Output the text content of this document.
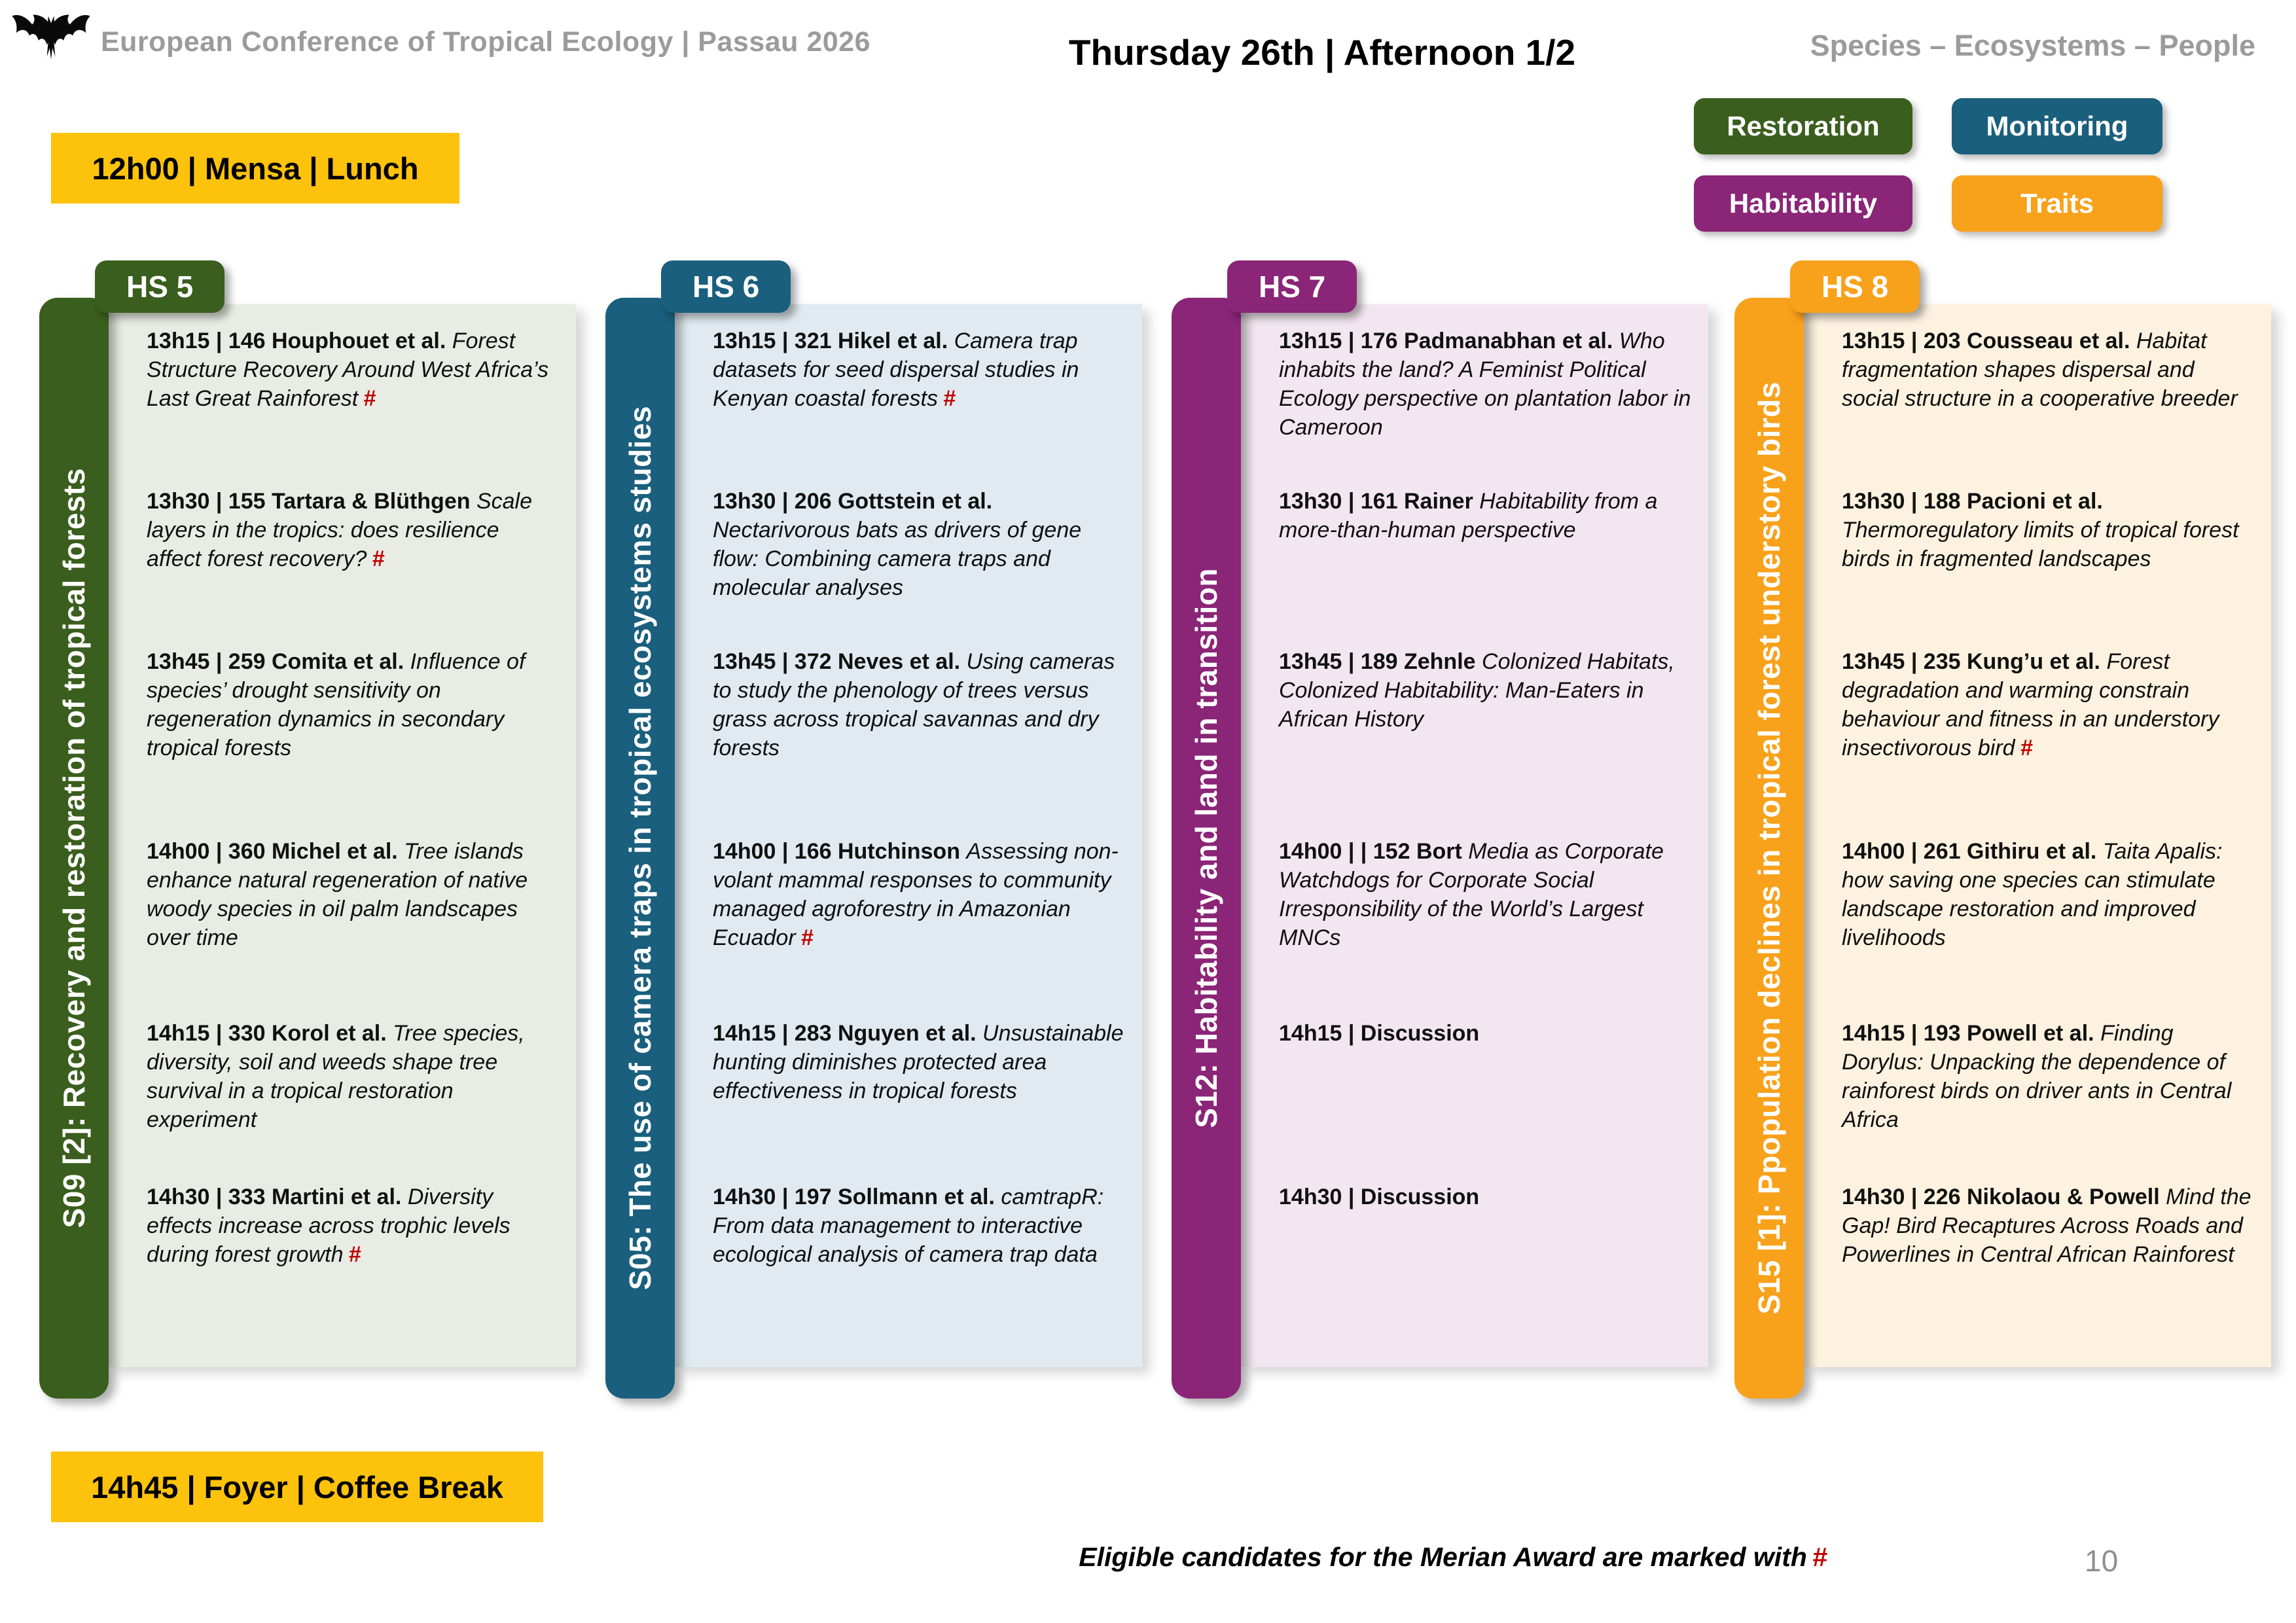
European Conference of Tropical Ecology | Passau 2026	Thursday 26th | Afternoon 1/2	Species – Ecosystems – People
Restoration	Monitoring
Habitability	Traits
12h00 | Mensa | Lunch
14h45 | Foyer | Coffee Break
HS 5
S09 [2]: Recovery and restoration of tropical forests
13h15 | 146 Houphouet et al. Forest Structure Recovery Around West Africa’s Last Great Rainforest #
13h30 | 155 Tartara & Blüthgen Scale layers in the tropics: does resilience affect forest recovery? #
13h45 | 259 Comita et al. Influence of species’ drought sensitivity on regeneration dynamics in secondary tropical forests
14h00 | 360 Michel et al. Tree islands enhance natural regeneration of native woody species in oil palm landscapes over time
14h15 | 330 Korol et al. Tree species, diversity, soil and weeds shape tree survival in a tropical restoration experiment
14h30 | 333 Martini et al. Diversity effects increase across trophic levels during forest growth #
HS 6
S05: The use of camera traps in tropical ecosystems studies
13h15 | 321 Hikel et al. Camera trap datasets for seed dispersal studies in Kenyan coastal forests #
13h30 | 206 Gottstein et al. Nectarivorous bats as drivers of gene flow: Combining camera traps and molecular analyses
13h45 | 372 Neves et al. Using cameras to study the phenology of trees versus grass across tropical savannas and dry forests
14h00 | 166 Hutchinson Assessing non-volant mammal responses to community managed agroforestry in Amazonian Ecuador #
14h15 | 283 Nguyen et al. Unsustainable hunting diminishes protected area effectiveness in tropical forests
14h30 | 197 Sollmann et al. camtrapR: From data management to interactive ecological analysis of camera trap data
HS 7
S12: Habitability and land in transition
13h15 | 176 Padmanabhan et al. Who inhabits the land? A Feminist Political Ecology perspective on plantation labor in Cameroon
13h30 | 161 Rainer Habitability from a more-than-human perspective
13h45 | 189 Zehnle Colonized Habitats, Colonized Habitability: Man-Eaters in African History
14h00 | | 152 Bort Media as Corporate Watchdogs for Corporate Social Irresponsibility of the World’s Largest MNCs
14h15 | Discussion
14h30 | Discussion
HS 8
S15 [1]: Ppopulation declines in tropical forest understory birds
13h15 | 203 Cousseau et al. Habitat fragmentation shapes dispersal and social structure in a cooperative breeder
13h30 | 188 Pacioni et al. Thermoregulatory limits of tropical forest birds in fragmented landscapes
13h45 | 235 Kung’u et al. Forest degradation and warming constrain behaviour and fitness in an understory insectivorous bird #
14h00 | 261 Githiru et al. Taita Apalis: how saving one species can stimulate landscape restoration and improved livelihoods
14h15 | 193 Powell et al. Finding Dorylus: Unpacking the dependence of rainforest birds on driver ants in Central Africa
14h30 | 226 Nikolaou & Powell Mind the Gap! Bird Recaptures Across Roads and Powerlines in Central African Rainforest
Eligible candidates for the Merian Award are marked with #	10
